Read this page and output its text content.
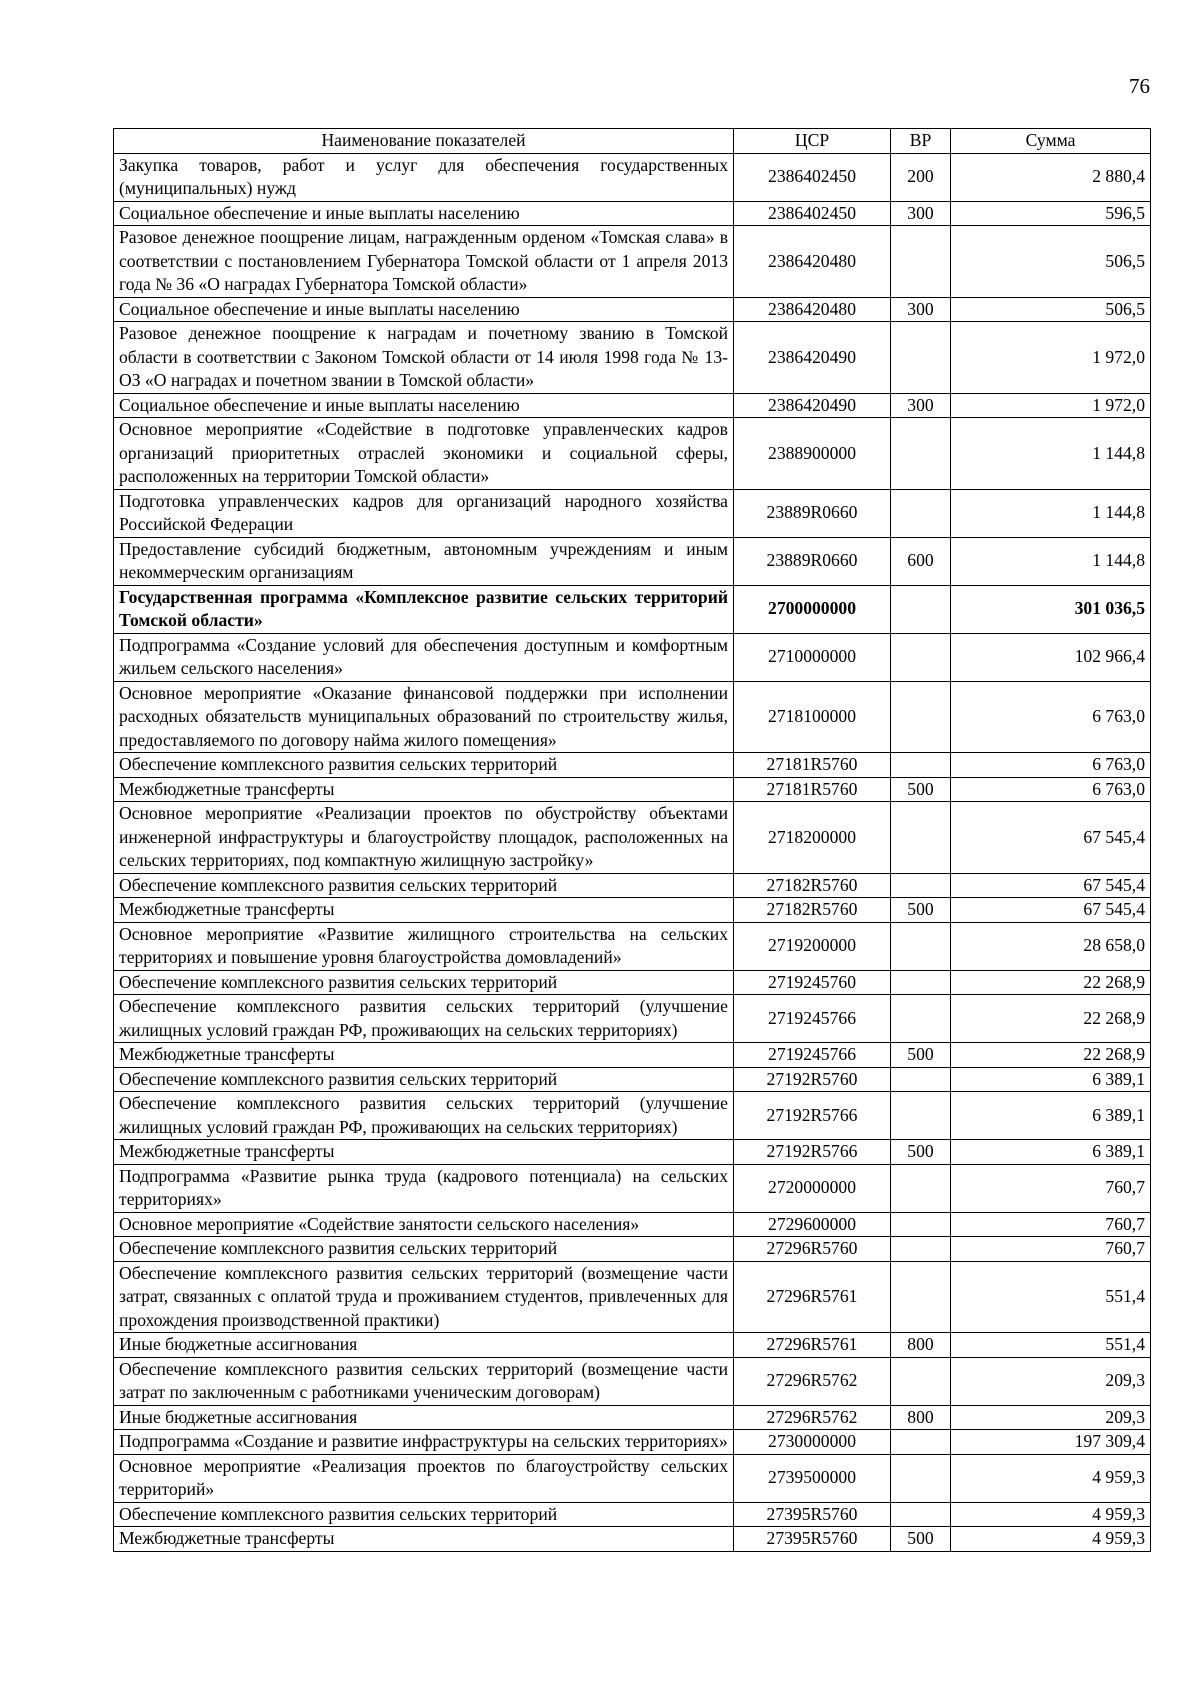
76
Наименование показателей	ЦСР	ВР	Сумма
Закупка товаров, работ и услуг для обеспечения государственных (муниципальных) нужд	2386402450	200	2 880,4
Социальное обеспечение и иные выплаты населению	2386402450	300	596,5
Разовое денежное поощрение лицам, награжденным орденом «Томская слава» в соответствии с постановлением Губернатора Томской области от 1 апреля 2013 года № 36 «О наградах Губернатора Томской области»	2386420480		506,5
Социальное обеспечение и иные выплаты населению	2386420480	300	506,5
Разовое денежное поощрение к наградам и почетному званию в Томской области в соответствии с Законом Томской области от 14 июля 1998 года № 13-ОЗ «О наградах и почетном звании в Томской области»	2386420490		1 972,0
Социальное обеспечение и иные выплаты населению	2386420490	300	1 972,0
Основное мероприятие «Содействие в подготовке управленческих кадров организаций приоритетных отраслей экономики и социальной сферы, расположенных на территории Томской области»	2388900000		1 144,8
Подготовка управленческих кадров для организаций народного хозяйства Российской Федерации	23889R0660		1 144,8
Предоставление субсидий бюджетным, автономным учреждениям и иным некоммерческим организациям	23889R0660	600	1 144,8
Государственная программа «Комплексное развитие сельских территорий Томской области»	2700000000		301 036,5
Подпрограмма «Создание условий для обеспечения доступным и комфортным жильем сельского населения»	2710000000		102 966,4
Основное мероприятие «Оказание финансовой поддержки при исполнении расходных обязательств муниципальных образований по строительству жилья, предоставляемого по договору найма жилого помещения»	2718100000		6 763,0
Обеспечение комплексного развития сельских территорий	27181R5760		6 763,0
Межбюджетные трансферты	27181R5760	500	6 763,0
Основное мероприятие «Реализации проектов по обустройству объектами инженерной инфраструктуры и благоустройству площадок, расположенных на сельских территориях, под компактную жилищную застройку»	2718200000		67 545,4
Обеспечение комплексного развития сельских территорий	27182R5760		67 545,4
Межбюджетные трансферты	27182R5760	500	67 545,4
Основное мероприятие «Развитие жилищного строительства на сельских территориях и повышение уровня благоустройства домовладений»	2719200000		28 658,0
Обеспечение комплексного развития сельских территорий	2719245760		22 268,9
Обеспечение комплексного развития сельских территорий (улучшение жилищных условий граждан РФ, проживающих на сельских территориях)	2719245766		22 268,9
Межбюджетные трансферты	2719245766	500	22 268,9
Обеспечение комплексного развития сельских территорий	27192R5760		6 389,1
Обеспечение комплексного развития сельских территорий (улучшение жилищных условий граждан РФ, проживающих на сельских территориях)	27192R5766		6 389,1
Межбюджетные трансферты	27192R5766	500	6 389,1
Подпрограмма «Развитие рынка труда (кадрового потенциала) на сельских территориях»	2720000000		760,7
Основное мероприятие «Содействие занятости сельского населения»	2729600000		760,7
Обеспечение комплексного развития сельских территорий	27296R5760		760,7
Обеспечение комплексного развития сельских территорий (возмещение части затрат, связанных с оплатой труда и проживанием студентов, привлеченных для прохождения производственной практики)	27296R5761		551,4
Иные бюджетные ассигнования	27296R5761	800	551,4
Обеспечение комплексного развития сельских территорий (возмещение части затрат по заключенным с работниками ученическим договорам)	27296R5762		209,3
Иные бюджетные ассигнования	27296R5762	800	209,3
Подпрограмма «Создание и развитие инфраструктуры на сельских территориях»	2730000000		197 309,4
Основное мероприятие «Реализация проектов по благоустройству сельских территорий»	2739500000		4 959,3
Обеспечение комплексного развития сельских территорий	27395R5760		4 959,3
Межбюджетные трансферты	27395R5760	500	4 959,3
